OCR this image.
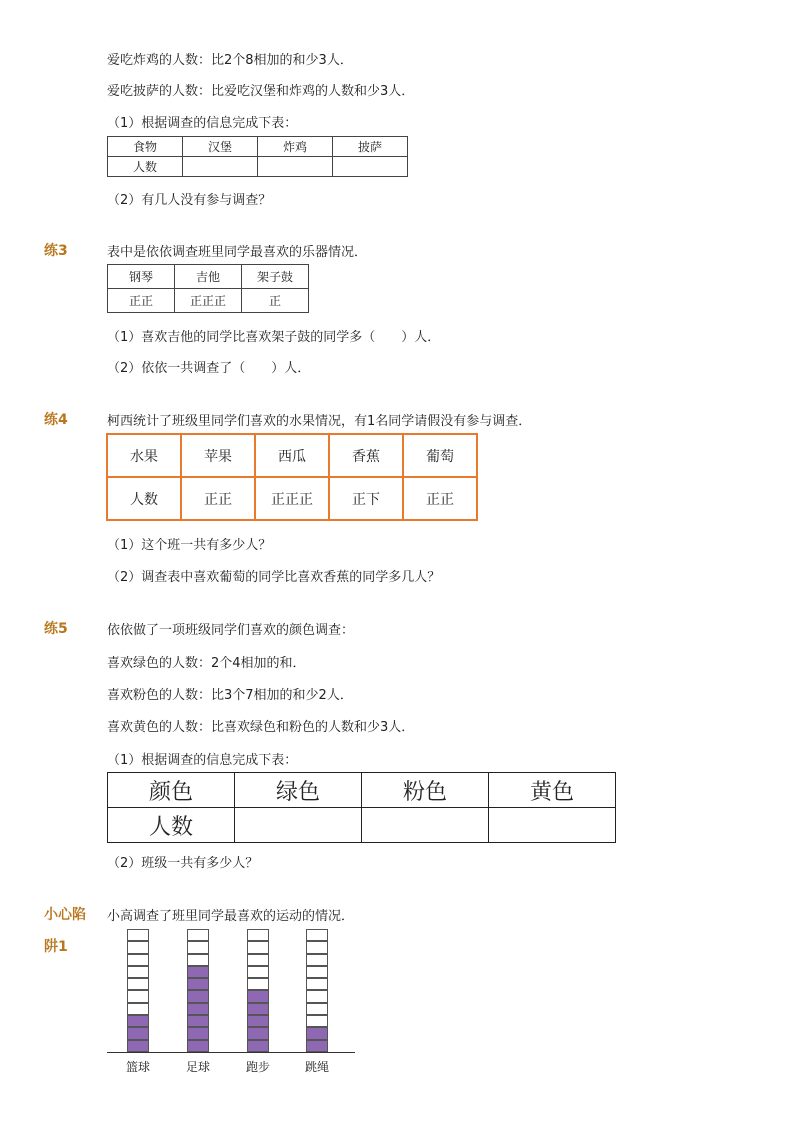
爱吃炸鸡的人数：比2个8相加的和少3人．
爱吃披萨的人数：比爱吃汉堡和炸鸡的人数和少3人．
（1）根据调查的信息完成下表：
食物	汉堡	炸鸡	披萨
人数			
（2）有几人没有参与调查？
练3	表中是依依调查班里同学最喜欢的乐器情况．
钢琴	吉他	架子鼓
正正	正正正	正
（1）喜欢吉他的同学比喜欢架子鼓的同学多（　　）人．
（2）依依一共调查了（　　）人．
练4	柯西统计了班级里同学们喜欢的水果情况，有1名同学请假没有参与调查．
水果	苹果	西瓜	香蕉	葡萄
人数	正正	正正正	正下	正正
（1）这个班一共有多少人？
（2）调查表中喜欢葡萄的同学比喜欢香蕉的同学多几人？
练5	依依做了一项班级同学们喜欢的颜色调查：
喜欢绿色的人数：2个4相加的和．
喜欢粉色的人数：比3个7相加的和少2人．
喜欢黄色的人数：比喜欢绿色和粉色的人数和少3人．
（1）根据调查的信息完成下表：
颜色	绿色	粉色	黄色
人数			
（2）班级一共有多少人？
小心陷
阱1
小高调查了班里同学最喜欢的运动的情况．
篮球	足球	跑步	跳绳
